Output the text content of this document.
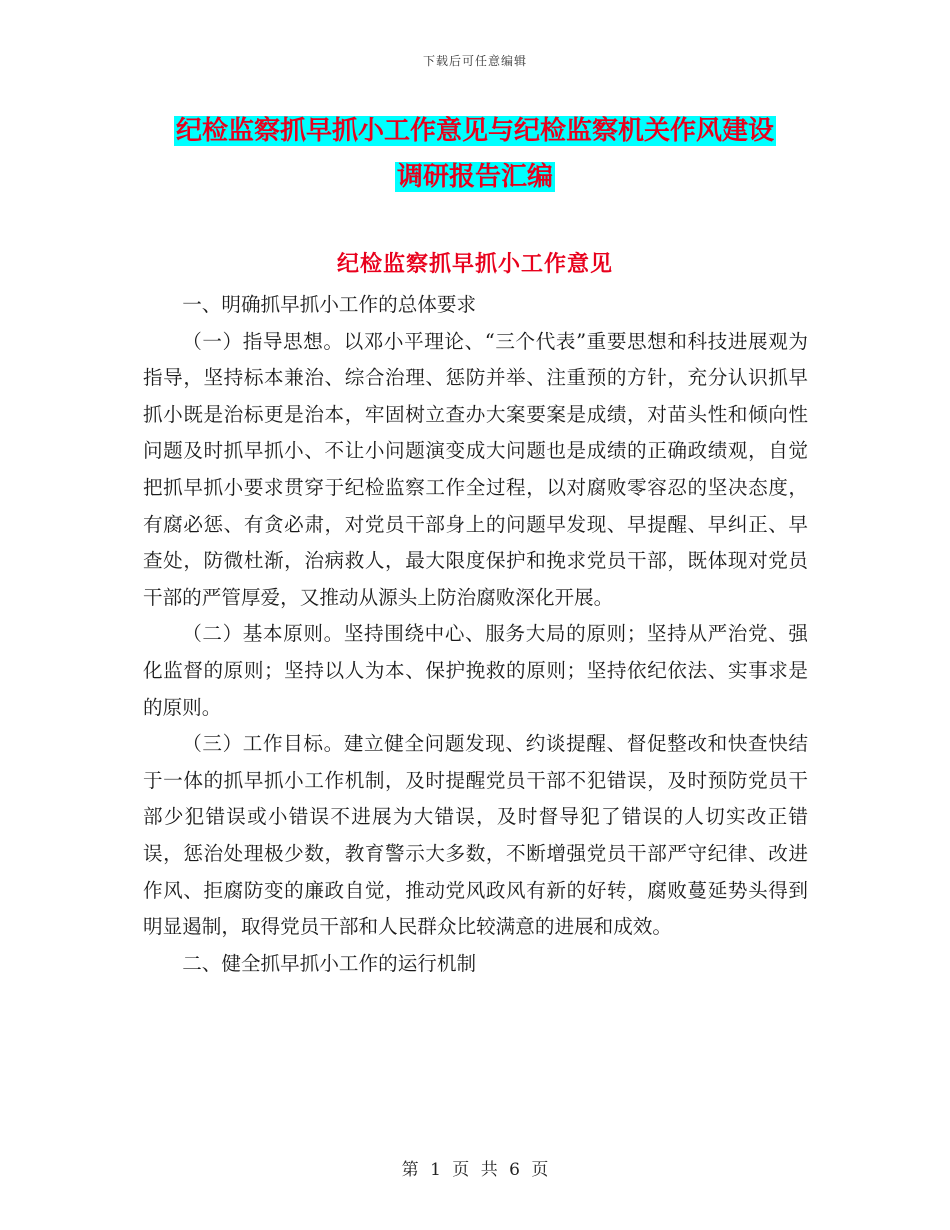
下载后可任意编辑
纪检监察抓早抓小工作意见与纪检监察机关作风建设
调研报告汇编
纪检监察抓早抓小工作意见

一、明确抓早抓小工作的总体要求

（一）指导思想。以邓小平理论、“三个代表”重要思想和科技进展观为指导，坚持标本兼治、综合治理、惩防并举、注重预的方针，充分认识抓早抓小既是治标更是治本，牢固树立查办大案要案是成绩，对苗头性和倾向性问题及时抓早抓小、不让小问题演变成大问题也是成绩的正确政绩观，自觉把抓早抓小要求贯穿于纪检监察工作全过程，以对腐败零容忍的坚决态度，有腐必惩、有贪必肃，对党员干部身上的问题早发现、早提醒、早纠正、早查处，防微杜渐，治病救人，最大限度保护和挽求党员干部，既体现对党员干部的严管厚爱，又推动从源头上防治腐败深化开展。

（二）基本原则。坚持围绕中心、服务大局的原则；坚持从严治党、强化监督的原则；坚持以人为本、保护挽救的原则；坚持依纪依法、实事求是的原则。

（三）工作目标。建立健全问题发现、约谈提醒、督促整改和快查快结于一体的抓早抓小工作机制，及时提醒党员干部不犯错误，及时预防党员干部少犯错误或小错误不进展为大错误，及时督导犯了错误的人切实改正错误，惩治处理极少数，教育警示大多数，不断增强党员干部严守纪律、改进作风、拒腐防变的廉政自觉，推动党风政风有新的好转，腐败蔓延势头得到明显遏制，取得党员干部和人民群众比较满意的进展和成效。

二、健全抓早抓小工作的运行机制

第 1 页 共 6 页
